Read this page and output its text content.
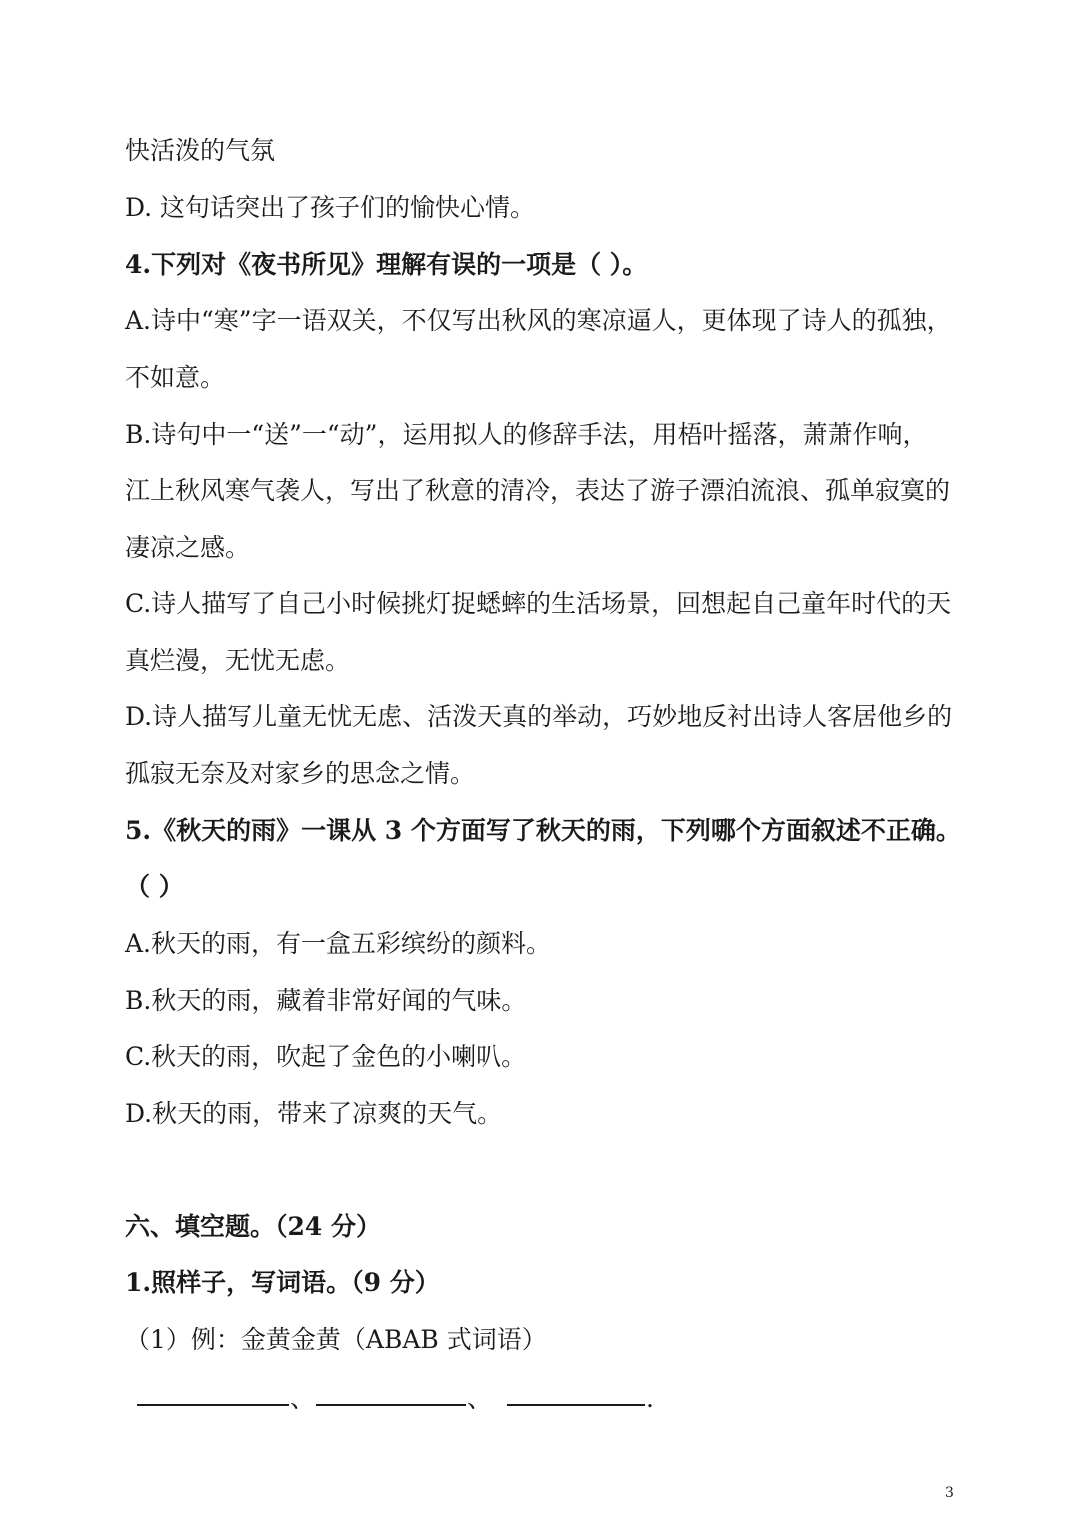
快活泼的气氛
D. 这句话突出了孩子们的愉快心情。
4.下列对《夜书所见》理解有误的一项是（ ）。
A.诗中“寒”字一语双关，不仅写出秋风的寒凉逼人，更体现了诗人的孤独，
不如意。
B.诗句中一“送”一“动”，运用拟人的修辞手法，用梧叶摇落，萧萧作响，
江上秋风寒气袭人，写出了秋意的清冷，表达了游子漂泊流浪、孤单寂寞的
凄凉之感。
C.诗人描写了自己小时候挑灯捉蟋蟀的生活场景，回想起自己童年时代的天
真烂漫，无忧无虑。
D.诗人描写儿童无忧无虑、活泼天真的举动，巧妙地反衬出诗人客居他乡的
孤寂无奈及对家乡的思念之情。
5.《秋天的雨》一课从 3 个方面写了秋天的雨，下列哪个方面叙述不正确。
（ ）
A.秋天的雨，有一盒五彩缤纷的颜料。
B.秋天的雨，藏着非常好闻的气味。
C.秋天的雨，吹起了金色的小喇叭。
D.秋天的雨，带来了凉爽的天气。
六、填空题。（24 分）
1.照样子，写词语。（9 分）
（1）例：金黄金黄（ABAB 式词语）
、	、	.
3
